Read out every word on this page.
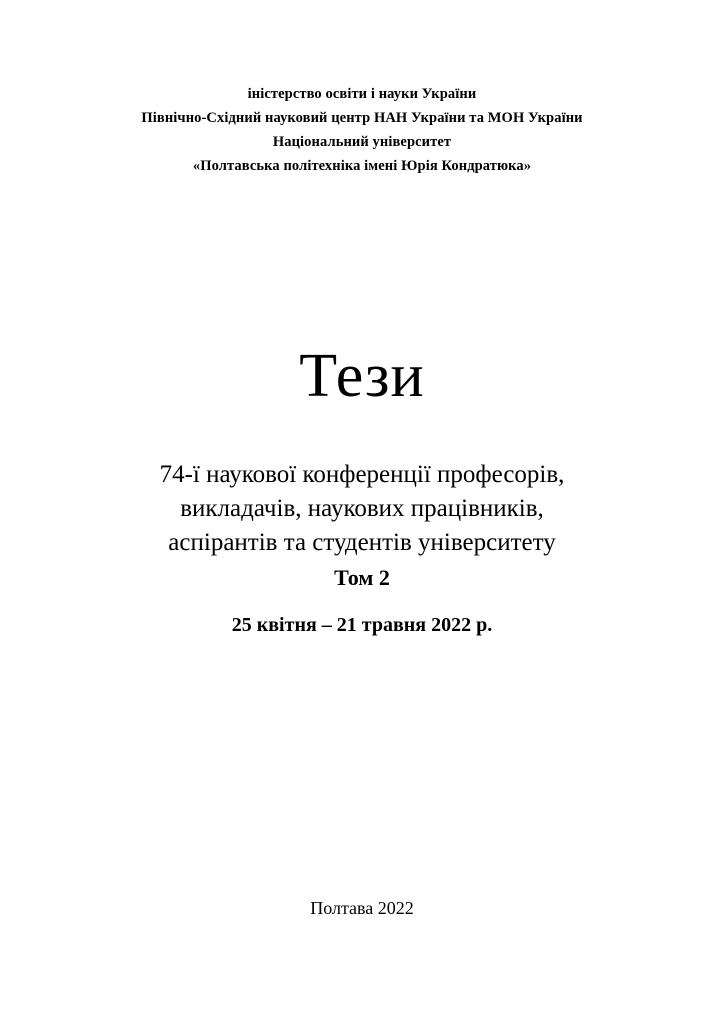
іністерство освіти і науки України
Північно-Східний науковий центр НАН України та МОН України
Національний університет
«Полтавська політехніка імені Юрія Кондратюка»
Тези
74-ї наукової конференції професорів,
викладачів, наукових працівників,
аспірантів та студентів університету
Том 2
25 квітня – 21 травня 2022 р.
Полтава 2022
